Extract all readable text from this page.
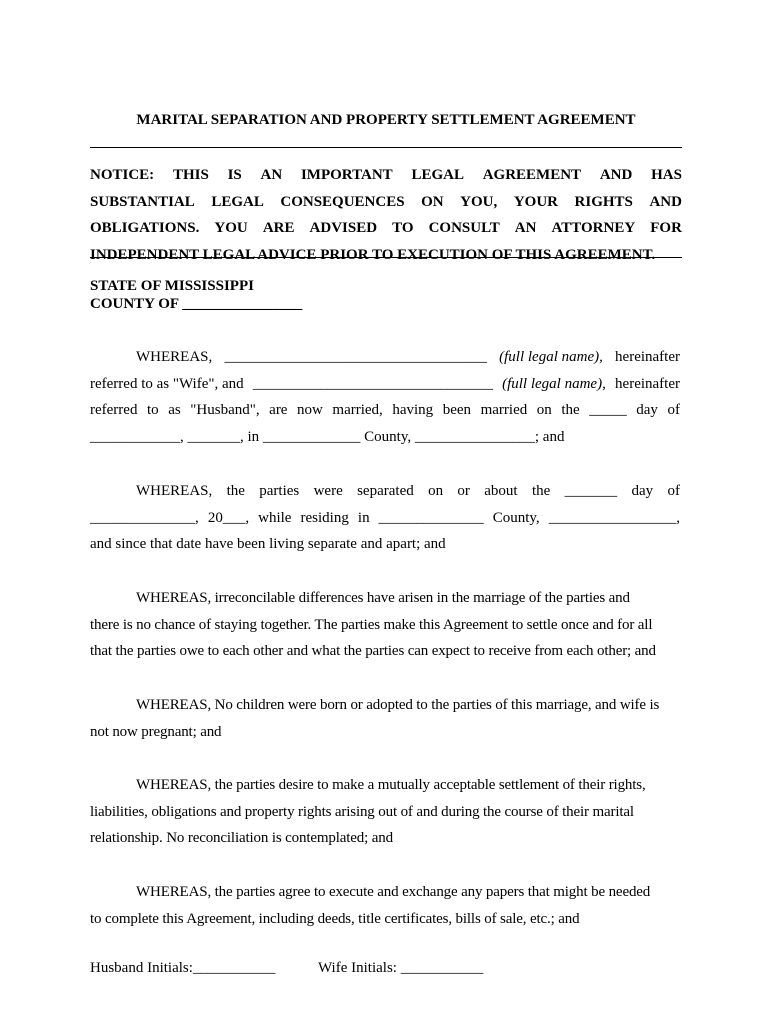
MARITAL SEPARATION AND PROPERTY SETTLEMENT AGREEMENT
NOTICE: THIS IS AN IMPORTANT LEGAL AGREEMENT AND HAS
SUBSTANTIAL LEGAL CONSEQUENCES ON YOU, YOUR RIGHTS AND
OBLIGATIONS. YOU ARE ADVISED TO CONSULT AN ATTORNEY FOR
INDEPENDENT LEGAL ADVICE PRIOR TO EXECUTION OF THIS AGREEMENT.
STATE OF MISSISSIPPI
COUNTY OF ________________
WHEREAS, ___________________________________ (full legal name), hereinafter
referred to as "Wife", and ________________________________ (full legal name), hereinafter
referred to as "Husband", are now married, having been married on the _____ day of
____________, _______, in _____________ County, ________________; and
WHEREAS, the parties were separated on or about the _______ day of
______________, 20___, while residing in ______________ County, _________________,
and since that date have been living separate and apart; and
WHEREAS, irreconcilable differences have arisen in the marriage of the parties and
there is no chance of staying together. The parties make this Agreement to settle once and for all
that the parties owe to each other and what the parties can expect to receive from each other; and
WHEREAS, No children were born or adopted to the parties of this marriage, and wife is
not now pregnant; and
WHEREAS, the parties desire to make a mutually acceptable settlement of their rights,
liabilities, obligations and property rights arising out of and during the course of their marital
relationship. No reconciliation is contemplated; and
WHEREAS, the parties agree to execute and exchange any papers that might be needed
to complete this Agreement, including deeds, title certificates, bills of sale, etc.; and
Husband Initials:___________	Wife Initials: ___________
